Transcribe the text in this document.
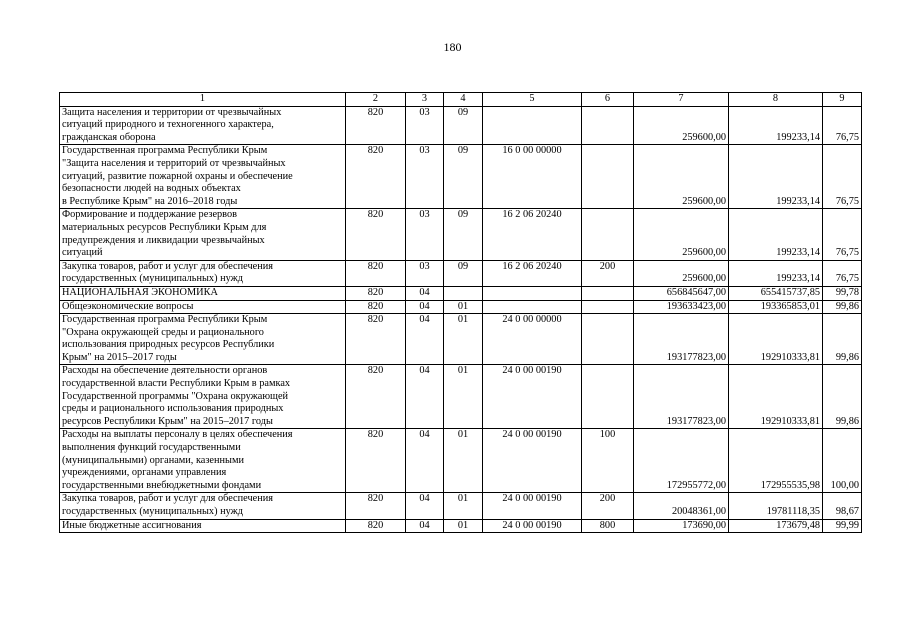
180
1	2	3	4	5	6	7	8	9
Защита населения и территории от чрезвычайных
ситуаций природного и техногенного характера,
гражданская оборона	820	03	09			259600,00	199233,14	76,75
Государственная программа Республики Крым
"Защита населения и территорий от чрезвычайных
ситуаций, развитие пожарной охраны и обеспечение
безопасности людей на водных объектах
в Республике Крым" на 2016–2018 годы	820	03	09	16 0 00 00000		259600,00	199233,14	76,75
Формирование и поддержание резервов
материальных ресурсов Республики Крым для
предупреждения и ликвидации чрезвычайных
ситуаций	820	03	09	16 2 06 20240		259600,00	199233,14	76,75
Закупка товаров, работ и услуг для обеспечения
государственных (муниципальных) нужд	820	03	09	16 2 06 20240	200	259600,00	199233,14	76,75
НАЦИОНАЛЬНАЯ ЭКОНОМИКА	820	04				656845647,00	655415737,85	99,78
Общеэкономические вопросы	820	04	01			193633423,00	193365853,01	99,86
Государственная программа Республики Крым
"Охрана окружающей среды и рационального
использования природных ресурсов Республики
Крым" на 2015–2017 годы	820	04	01	24 0 00 00000		193177823,00	192910333,81	99,86
Расходы на обеспечение деятельности органов
государственной власти Республики Крым в рамках
Государственной программы "Охрана окружающей
среды и рационального использования природных
ресурсов Республики Крым" на 2015–2017 годы	820	04	01	24 0 00 00190		193177823,00	192910333,81	99,86
Расходы на выплаты персоналу в целях обеспечения
выполнения функций государственными
(муниципальными) органами, казенными
учреждениями, органами управления
государственными внебюджетными фондами	820	04	01	24 0 00 00190	100	172955772,00	172955535,98	100,00
Закупка товаров, работ и услуг для обеспечения
государственных (муниципальных) нужд	820	04	01	24 0 00 00190	200	20048361,00	19781118,35	98,67
Иные бюджетные ассигнования	820	04	01	24 0 00 00190	800	173690,00	173679,48	99,99
